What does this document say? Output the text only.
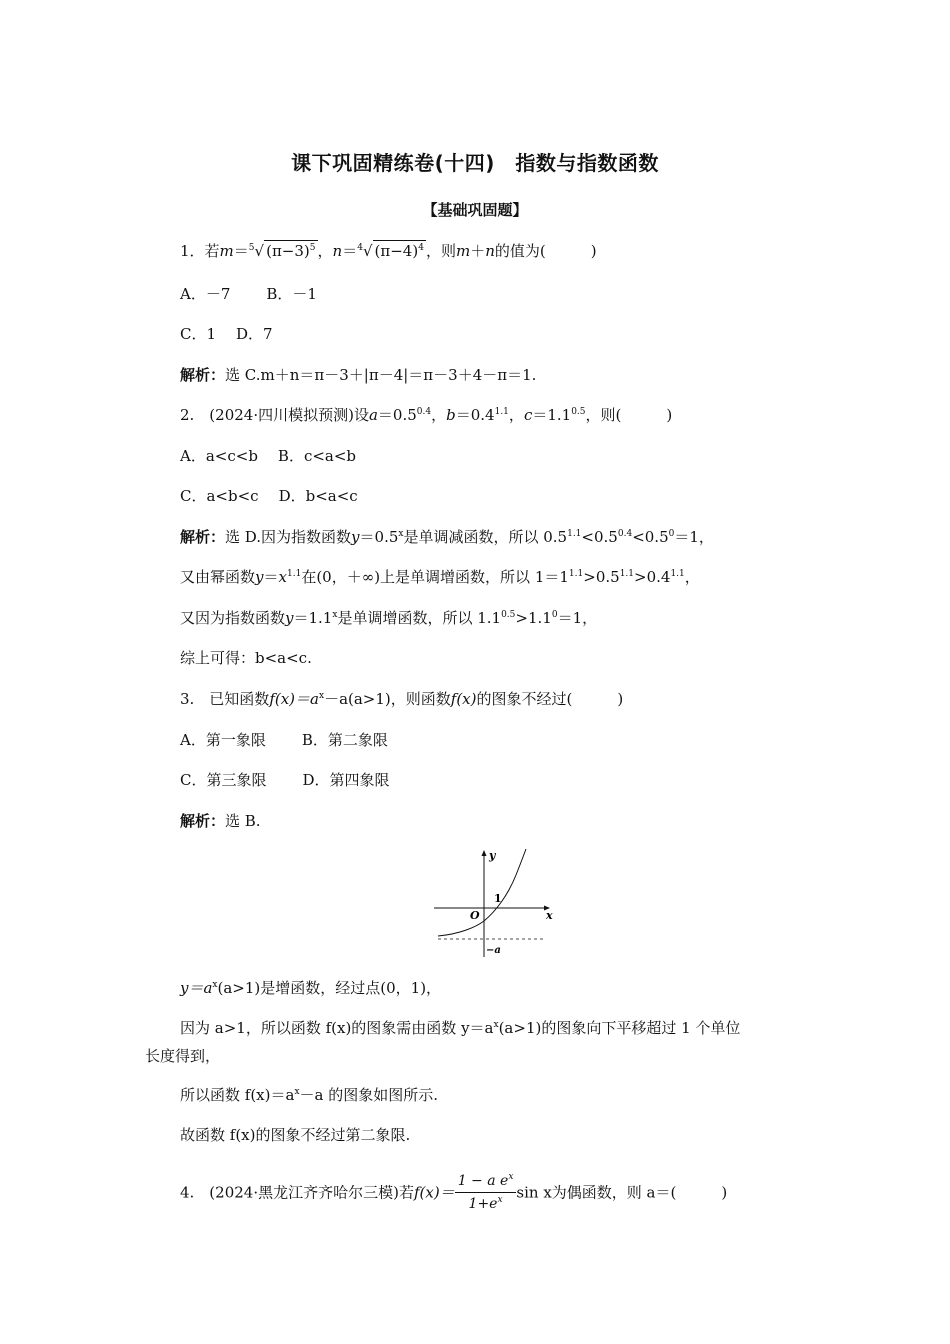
课下巩固精练卷(十四)　指数与指数函数
【基础巩固题】
1．若m＝$^5$√ $(\pi-3)^5$ ，n＝$^4$√ $(\pi-4)^4$ ，则m＋n的值为(　　　)
A．－7 B．－1
C．1 D．7
解析：选 C.m＋n＝π－3＋|π－4|＝π－3＋4－π＝1.
2.　(2024·四川模拟预测)设$a=0.5^{0.4}$，$b=0.4^{1.1}$，$c=1.1^{0.5}$，则(　　　)
A．a<c<b B．c<a<b
C．a<b<c D．b<a<c
解析：选 D.因为指数函数$y=0.5^x$是单调减函数，所以 $0.5^{1.1}<0.5^{0.4}<0.5^0=1$，
又由幂函数$y=x^{1.1}$在(0，＋∞)上是单调增函数，所以 $1=1^{1.1}>0.5^{1.1}>0.4^{1.1}$，
又因为指数函数$y=1.1^x$是单调增函数，所以 $1.1^{0.5}>1.1^0=1$，
综上可得：b<a<c.
3.　已知函数$f(x)=a^x-a(a>1)$，则函数f(x)的图象不经过(　　　)
A．第一象限 B．第二象限
C．第三象限 D．第四象限
解析：选 B.
y
x
O
1
−a
$y=a^x(a>1)$是增函数，经过点(0，1)，
因为 a>1，所以函数 f(x)的图象需由函数 $y=a^x(a>1)$的图象向下平移超过 1 个单位
长度得到，
所以函数 $f(x)=a^x-a$ 的图象如图所示.
故函数 f(x)的图象不经过第二象限.
4.　(2024·黑龙江齐齐哈尔三模)若$f(x)= \frac{1 - a e^x}{1+e^x}$ sin x为偶函数，则 a＝(　　　)
